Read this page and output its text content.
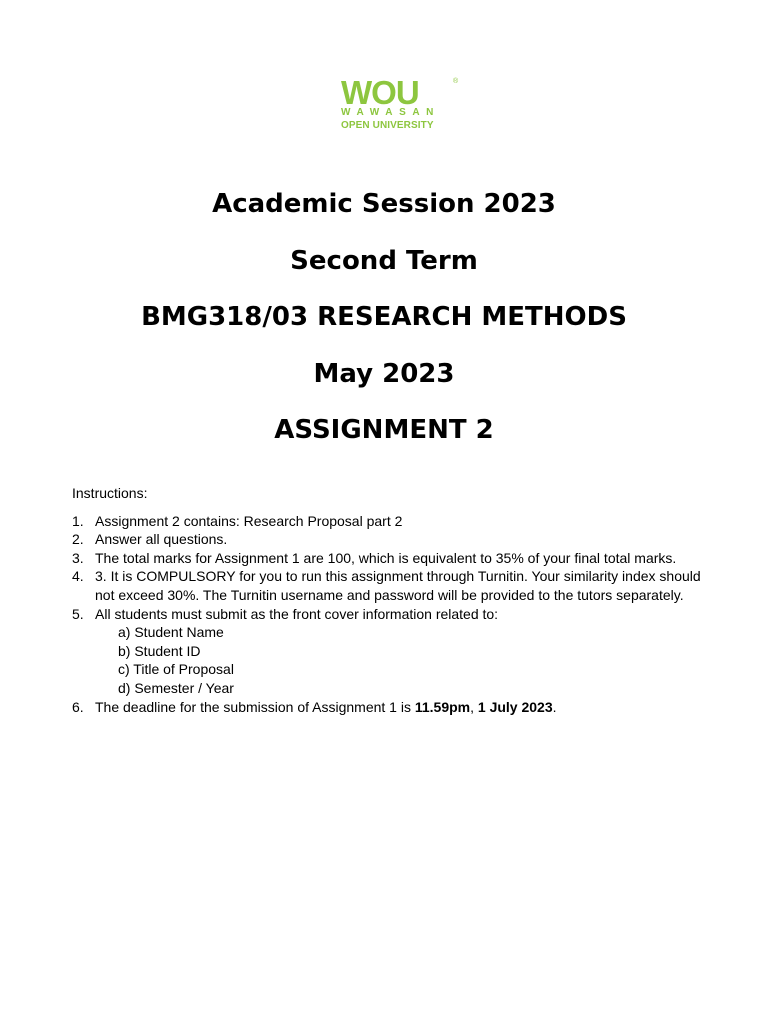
WOU	®
WAWASAN
OPEN UNIVERSITY
Academic Session 2023
Second Term
BMG318/03 RESEARCH METHODS
May 2023
ASSIGNMENT 2
Instructions:
1. Assignment 2 contains: Research Proposal part 2
2. Answer all questions.
3. The total marks for Assignment 1 are 100, which is equivalent to 35% of your final total marks.
4. 3. It is COMPULSORY for you to run this assignment through Turnitin. Your similarity index should not exceed 30%. The Turnitin username and password will be provided to the tutors separately.
5. All students must submit as the front cover information related to:
a) Student Name
b) Student ID
c) Title of Proposal
d) Semester / Year
6. The deadline for the submission of Assignment 1 is 11.59pm, 1 July 2023.
